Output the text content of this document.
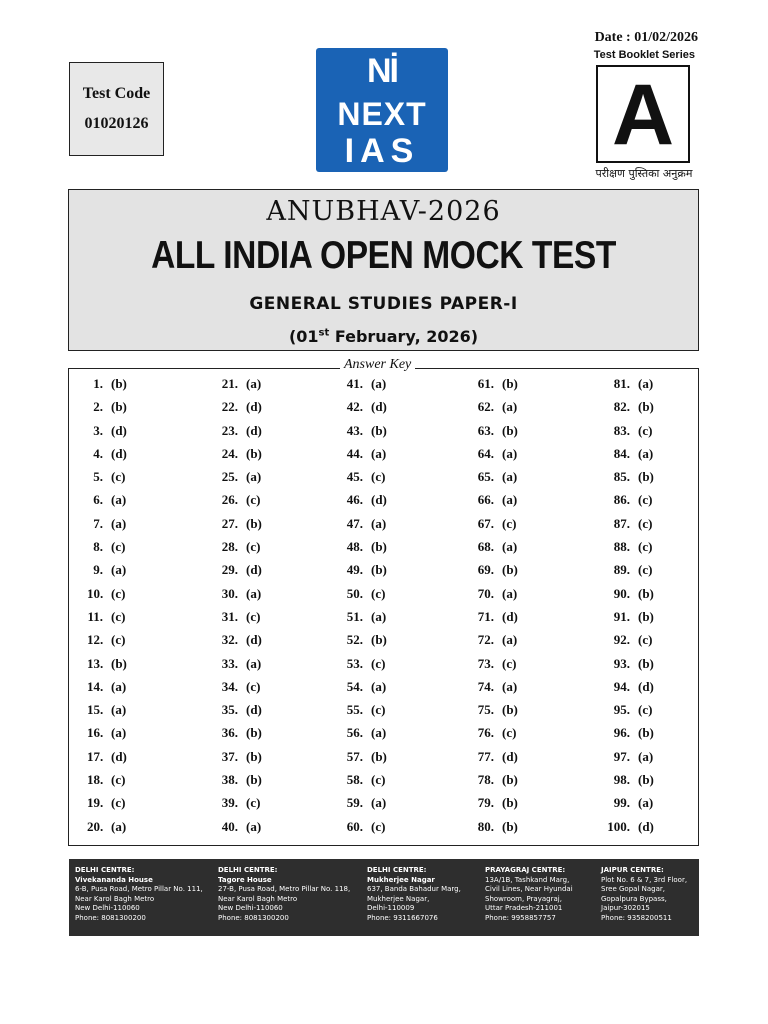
Test Code
01020126
Nİ
NEXT
IAS
Date : 01/02/2026
Test Booklet Series
A
परीक्षण पुस्तिका अनुक्रम
ANUBHAV-2026
ALL INDIA OPEN MOCK TEST
GENERAL STUDIES PAPER-I
(01st February, 2026)
Answer Key
1. (b)
2. (b)
3. (d)
4. (d)
5. (c)
6. (a)
7. (a)
8. (c)
9. (a)
10. (c)
11. (c)
12. (c)
13. (b)
14. (a)
15. (a)
16. (a)
17. (d)
18. (c)
19. (c)
20. (a)
21. (a)
22. (d)
23. (d)
24. (b)
25. (a)
26. (c)
27. (b)
28. (c)
29. (d)
30. (a)
31. (c)
32. (d)
33. (a)
34. (c)
35. (d)
36. (b)
37. (b)
38. (b)
39. (c)
40. (a)
41. (a)
42. (d)
43. (b)
44. (a)
45. (c)
46. (d)
47. (a)
48. (b)
49. (b)
50. (c)
51. (a)
52. (b)
53. (c)
54. (a)
55. (c)
56. (a)
57. (b)
58. (c)
59. (a)
60. (c)
61. (b)
62. (a)
63. (b)
64. (a)
65. (a)
66. (a)
67. (c)
68. (a)
69. (b)
70. (a)
71. (d)
72. (a)
73. (c)
74. (a)
75. (b)
76. (c)
77. (d)
78. (b)
79. (b)
80. (b)
81. (a)
82. (b)
83. (c)
84. (a)
85. (b)
86. (c)
87. (c)
88. (c)
89. (c)
90. (b)
91. (b)
92. (c)
93. (b)
94. (d)
95. (c)
96. (b)
97. (a)
98. (b)
99. (a)
100. (d)
DELHI CENTRE:
Vivekananda House
6-B, Pusa Road, Metro Pillar No. 111,
Near Karol Bagh Metro
New Delhi-110060
Phone: 8081300200
DELHI CENTRE:
Tagore House
27-B, Pusa Road, Metro Pillar No. 118,
Near Karol Bagh Metro
New Delhi-110060
Phone: 8081300200
DELHI CENTRE:
Mukherjee Nagar
637, Banda Bahadur Marg,
Mukherjee Nagar,
Delhi-110009
Phone: 9311667076
PRAYAGRAJ CENTRE:
13A/1B, Tashkand Marg,
Civil Lines, Near Hyundai
Showroom, Prayagraj,
Uttar Pradesh-211001
Phone: 9958857757
JAIPUR CENTRE:
Plot No. 6 & 7, 3rd Floor,
Sree Gopal Nagar,
Gopalpura Bypass,
Jaipur-302015
Phone: 9358200511
